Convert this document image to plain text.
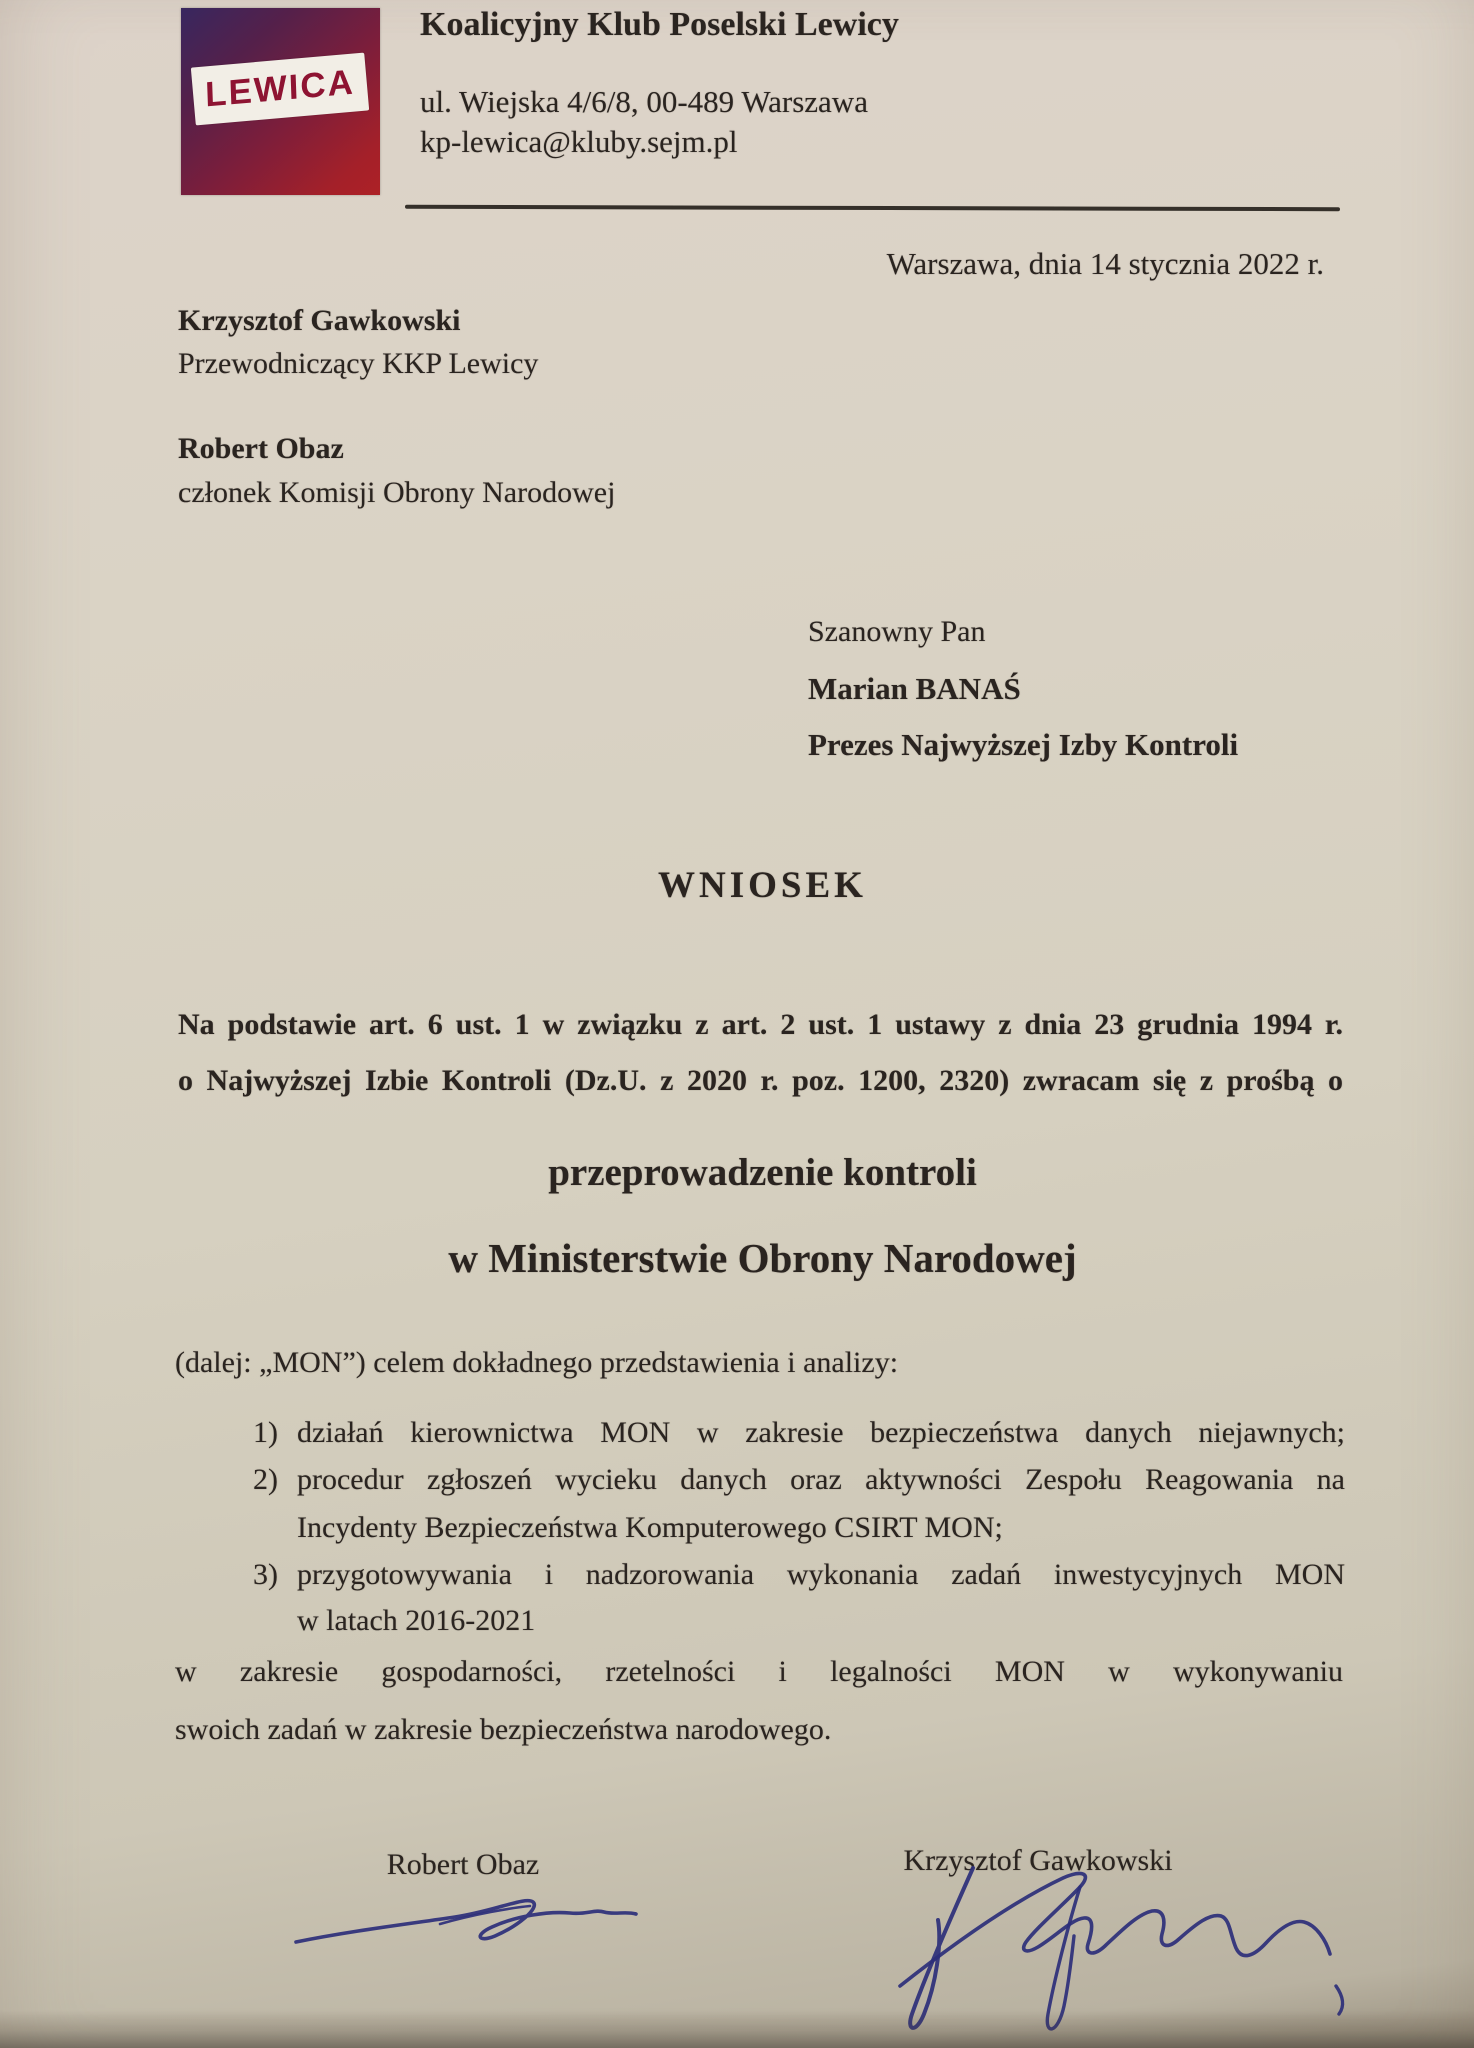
LEWICA
Koalicyjny Klub Poselski Lewicy
ul. Wiejska 4/6/8, 00-489 Warszawa
kp-lewica@kluby.sejm.pl
Warszawa, dnia 14 stycznia 2022 r.
Krzysztof Gawkowski
Przewodniczący KKP Lewicy
Robert Obaz
członek Komisji Obrony Narodowej
Szanowny Pan
Marian BANAŚ
Prezes Najwyższej Izby Kontroli
WNIOSEK
Na podstawie art. 6 ust. 1 w związku z art. 2 ust. 1 ustawy z dnia 23 grudnia 1994 r.
o Najwyższej Izbie Kontroli (Dz.U. z 2020 r. poz. 1200, 2320) zwracam się z prośbą o
przeprowadzenie kontroli
w Ministerstwie Obrony Narodowej
(dalej: „MON”) celem dokładnego przedstawienia i analizy:
1) działań kierownictwa MON w zakresie bezpieczeństwa danych niejawnych;
2) procedur zgłoszeń wycieku danych oraz aktywności Zespołu Reagowania na
Incydenty Bezpieczeństwa Komputerowego CSIRT MON;
3) przygotowywania i nadzorowania wykonania zadań inwestycyjnych MON
w latach 2016-2021
w zakresie gospodarności, rzetelności i legalności MON w wykonywaniu
swoich zadań w zakresie bezpieczeństwa narodowego.
Robert Obaz	Krzysztof Gawkowski
